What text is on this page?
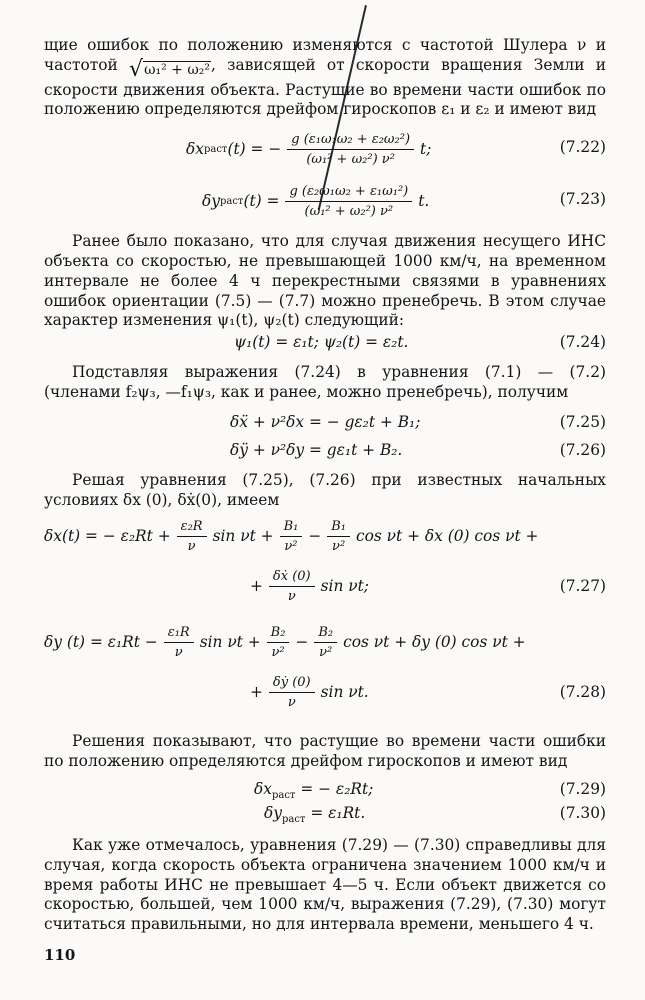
щие ошибок по положению изменяются с частотой Шулера ν и частотой √ω₁² + ω₂², зависящей от скорости вращения Земли и скорости движения объекта. Растущие во времени части ошибок по положению определяются дрейфом гироскопов ε₁ и ε₂ и имеют вид

δx раст (t) = − $\frac{\text{g (ε₁ω₁ω₂ + ε₂ω₂²)}}{\text{(ω₁² + ω₂²) ν²}} t$;	(7.22)
δy раст $(t) = \frac{\text{g (ε₂ω₁ω₂ + ε₁ω₁²)}}{\text{(ω₁² + ω₂²) ν²}} t$.	(7.23)

Ранее было показано, что для случая движения несущего ИНС объекта со скоростью, не превышающей 1000 км/ч, на временном интервале не более 4 ч перекрестными связями в уравнениях ошибок ориентации (7.5) — (7.7) можно пренебречь. В этом случае характер изменения ψ₁(t), ψ₂(t) следующий:

ψ₁(t) = ε₁t; ψ₂(t) = ε₂t.	(7.24)

Подставляя выражения (7.24) в уравнения (7.1) — (7.2) (членами f₂ψ₃, —f₁ψ₃, как и ранее, можно пренебречь), получим

δẍ + ν²δx = − gε₂t + B₁;	(7.25)
δÿ + ν²δy = gε₁t + B₂.	(7.26)

Решая уравнения (7.25), (7.26) при известных начальных условиях δx (0), δẋ(0), имеем

δx(t) = − $\varepsilon_2Rt + \frac{\text{ε₂R}}{\nu}$ $\sin \nu t + \frac{\text{B₁}}{\text{ν²}} - \frac{\text{B₁}}{\text{ν²}}$ cos νt + δx (0) cos νt +
+ $\frac{\text{δẋ (0)}}{\nu}$ sin νt;	(7.27)
δy $(t) = \varepsilon_1Rt - \frac{\text{ε₁R}}{\nu}$ $\sin \nu t + \frac{\text{B₂}}{\text{ν²}} - \frac{\text{B₂}}{\text{ν²}}$ cos νt + δy (0) cos νt +
+ $\frac{\text{δẏ (0)}}{\nu}$ sin νt.	(7.28)

Решения показывают, что растущие во времени части ошибки по положению определяются дрейфом гироскопов и имеют вид

$\delta x_{раст}$ = − ε₂Rt;	(7.29)
$\delta y_{раст} = \varepsilon_1Rt$.	(7.30)

Как уже отмечалось, уравнения (7.29) — (7.30) справедливы для случая, когда скорость объекта ограничена значением 1000 км/ч и время работы ИНС не превышает 4—5 ч. Если объект движется со скоростью, большей, чем 1000 км/ч, выражения (7.29), (7.30) могут считаться правильными, но для интервала времени, меньшего 4 ч.

110
